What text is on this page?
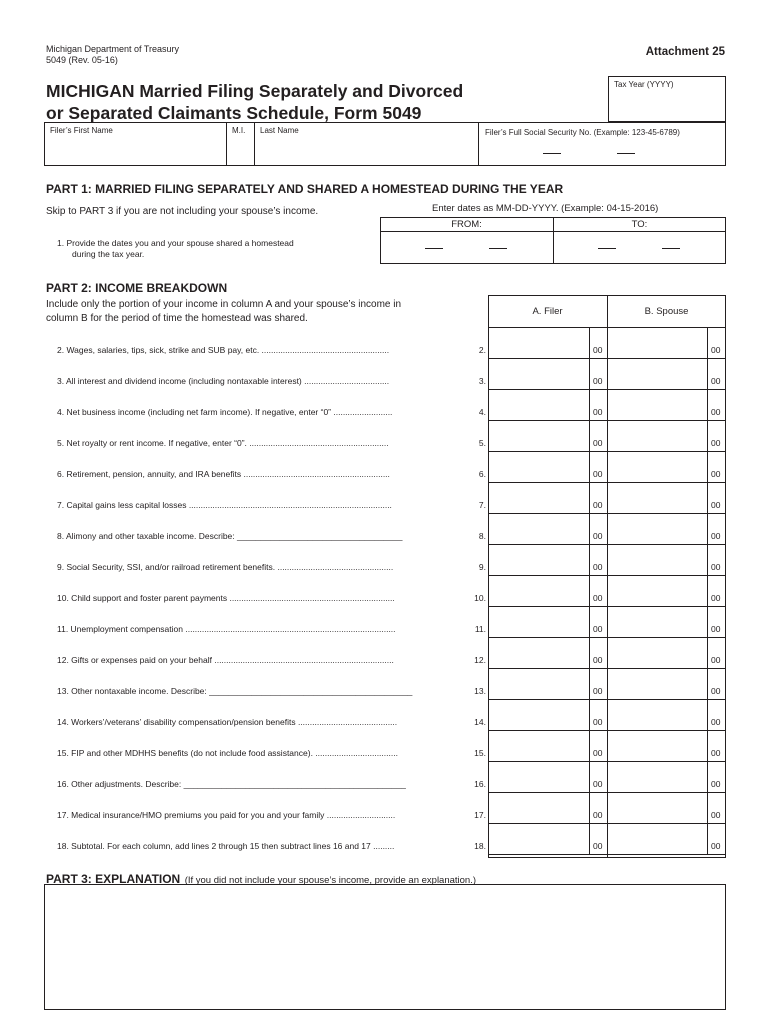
Michigan Department of Treasury
5049 (Rev. 05-16)
Attachment 25
MICHIGAN Married Filing Separately and Divorced
or Separated Claimants Schedule, Form 5049
Tax Year (YYYY)
Filer’s First Name	M.I. Last Name	Filer’s Full Social Security No. (Example: 123-45-6789)
PART 1: MARRIED FILING SEPARATELY AND SHARED A HOMESTEAD DURING THE YEAR
Skip to PART 3 if you are not including your spouse’s income.	Enter dates as MM-DD-YYYY. (Example: 04-15-2016)
FROM:	TO:
1. Provide the dates you and your spouse shared a homestead
during the tax year.
PART 2: INCOME BREAKDOWN
Include only the portion of your income in column A and your spouse’s income in
column B for the period of time the homestead was shared.
A. Filer	B. Spouse
2. Wages, salaries, tips, sick, strike and SUB pay, etc. ......................................................	2.	00	00
3. All interest and dividend income (including nontaxable interest) ....................................	3.	00	00
4. Net business income (including net farm income). If negative, enter “0” .........................	4.	00	00
5. Net royalty or rent income. If negative, enter “0”. ...........................................................	5.	00	00
6. Retirement, pension, annuity, and IRA benefits ..............................................................	6.	00	00
7. Capital gains less capital losses ......................................................................................	7.	00	00
8. Alimony and other taxable income. Describe: ___________________________________	8.	00	00
9. Social Security, SSI, and/or railroad retirement benefits. .................................................	9.	00	00
10. Child support and foster parent payments ......................................................................	10.	00	00
11. Unemployment compensation .........................................................................................	11.	00	00
12. Gifts or expenses paid on your behalf ............................................................................	12.	00	00
13. Other nontaxable income. Describe: ___________________________________________	13.	00	00
14. Workers’/veterans’ disability compensation/pension benefits ..........................................	14.	00	00
15. FIP and other MDHHS benefits (do not include food assistance). ...................................	15.	00	00
16. Other adjustments. Describe: _______________________________________________	16.	00	00
17. Medical insurance/HMO premiums you paid for you and your family .............................	17.	00	00
18. Subtotal. For each column, add lines 2 through 15 then subtract lines 16 and 17 .........	18.	00	00
PART 3: EXPLANATION (If you did not include your spouse’s income, provide an explanation.)
